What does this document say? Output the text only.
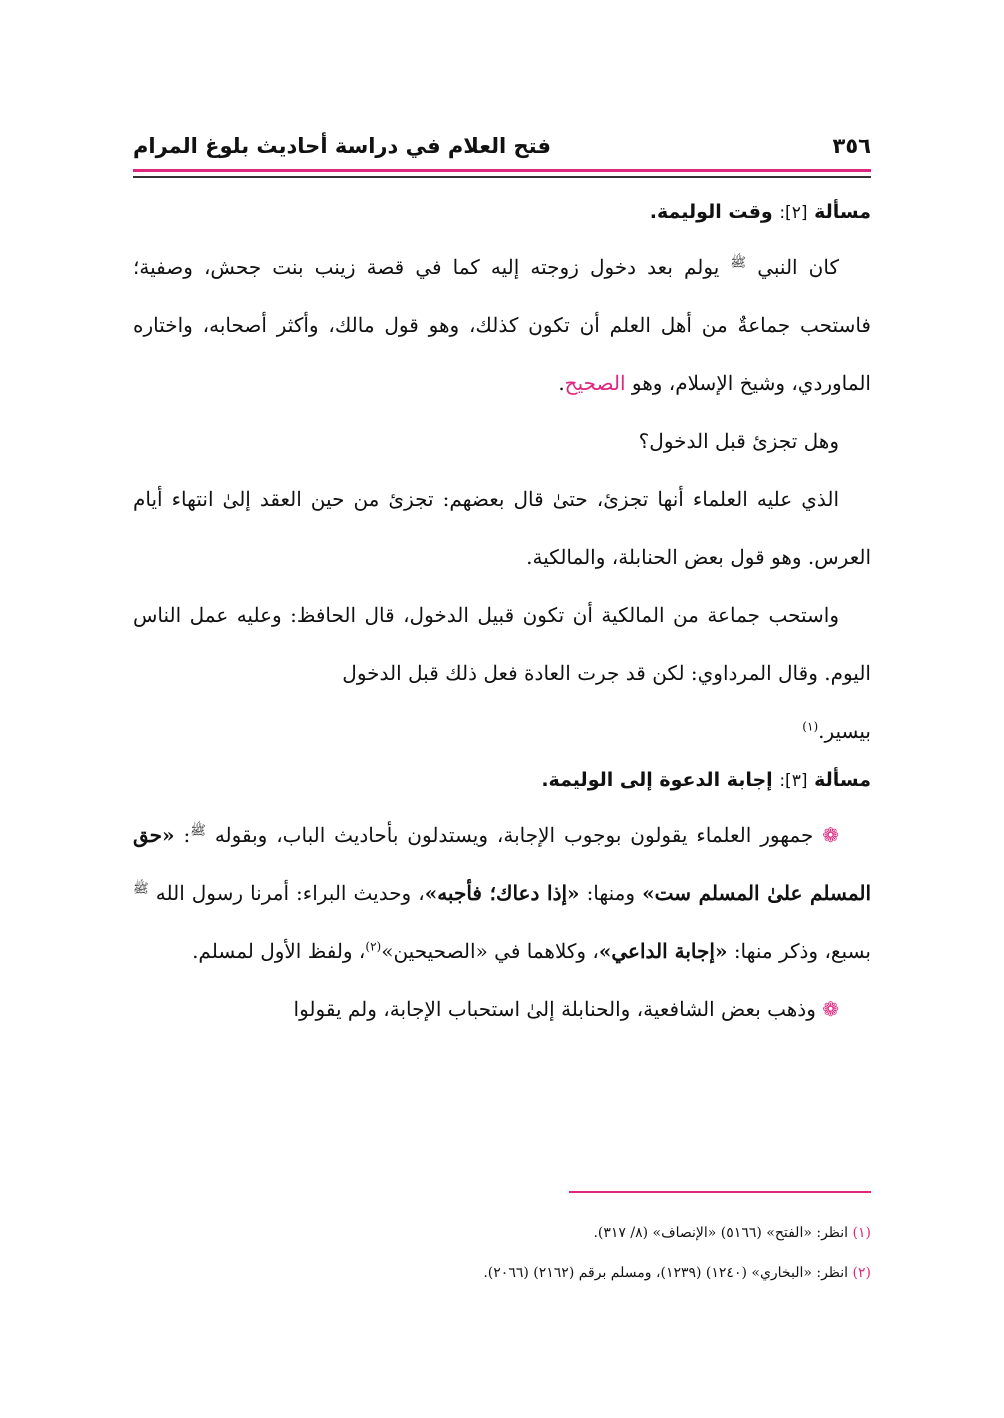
٣٥٦
فتح العلام في دراسة أحاديث بلوغ المرام
مسألة [٢]: وقت الوليمة.

كان النبي $^ﷺ$ يولم بعد دخول زوجته إليه كما في قصة زينب بنت جحش، وصفية؛ فاستحب جماعةٌ من أهل العلم أن تكون كذلك، وهو قول مالك، وأكثر أصحابه، واختاره الماوردي، وشيخ الإسلام، وهو الصحيح.

وهل تجزئ قبل الدخول؟

الذي عليه العلماء أنها تجزئ، حتىٰ قال بعضهم: تجزئ من حين العقد إلىٰ انتهاء أيام العرس. وهو قول بعض الحنابلة، والمالكية.

واستحب جماعة من المالكية أن تكون قبيل الدخول، قال الحافظ: وعليه عمل الناس اليوم. وقال المرداوي: لكن قد جرت العادة فعل ذلك قبل الدخول

بيسير.$^{(١)}$

مسألة [٣]: إجابة الدعوة إلى الوليمة.

❁ جمهور العلماء يقولون بوجوب الإجابة، ويستدلون بأحاديث الباب، وبقوله $^ﷺ$: «حق المسلم علىٰ المسلم ست» ومنها: «إذا دعاك؛ فأجبه»، وحديث البراء: أمرنا رسول الله $^ﷺ$ بسبع، وذكر منها: «إجابة الداعي»، وكلاهما في «الصحيحين»$^{(٢)}$، ولفظ الأول لمسلم.

❁ وذهب بعض الشافعية، والحنابلة إلىٰ استحباب الإجابة، ولم يقولوا

(١) انظر: «الفتح» (٥١٦٦) «الإنصاف» (٨/ ٣١٧).

(٢) انظر: «البخاري» (١٢٤٠) (١٢٣٩)، ومسلم برقم (٢١٦٢) (٢٠٦٦).
